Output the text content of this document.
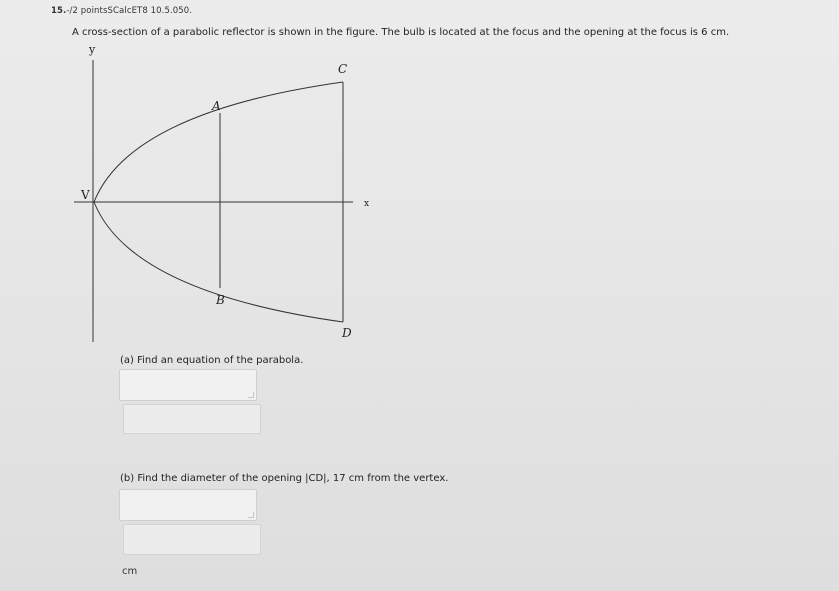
15.-/2 pointsSCalcET8 10.5.050.
A cross-section of a parabolic reflector is shown in the figure. The bulb is located at the focus and the opening at the focus is 6 cm.
y
x
V
A
B
C
D
(a) Find an equation of the parabola.
(b) Find the diameter of the opening |CD|, 17 cm from the vertex.
cm
